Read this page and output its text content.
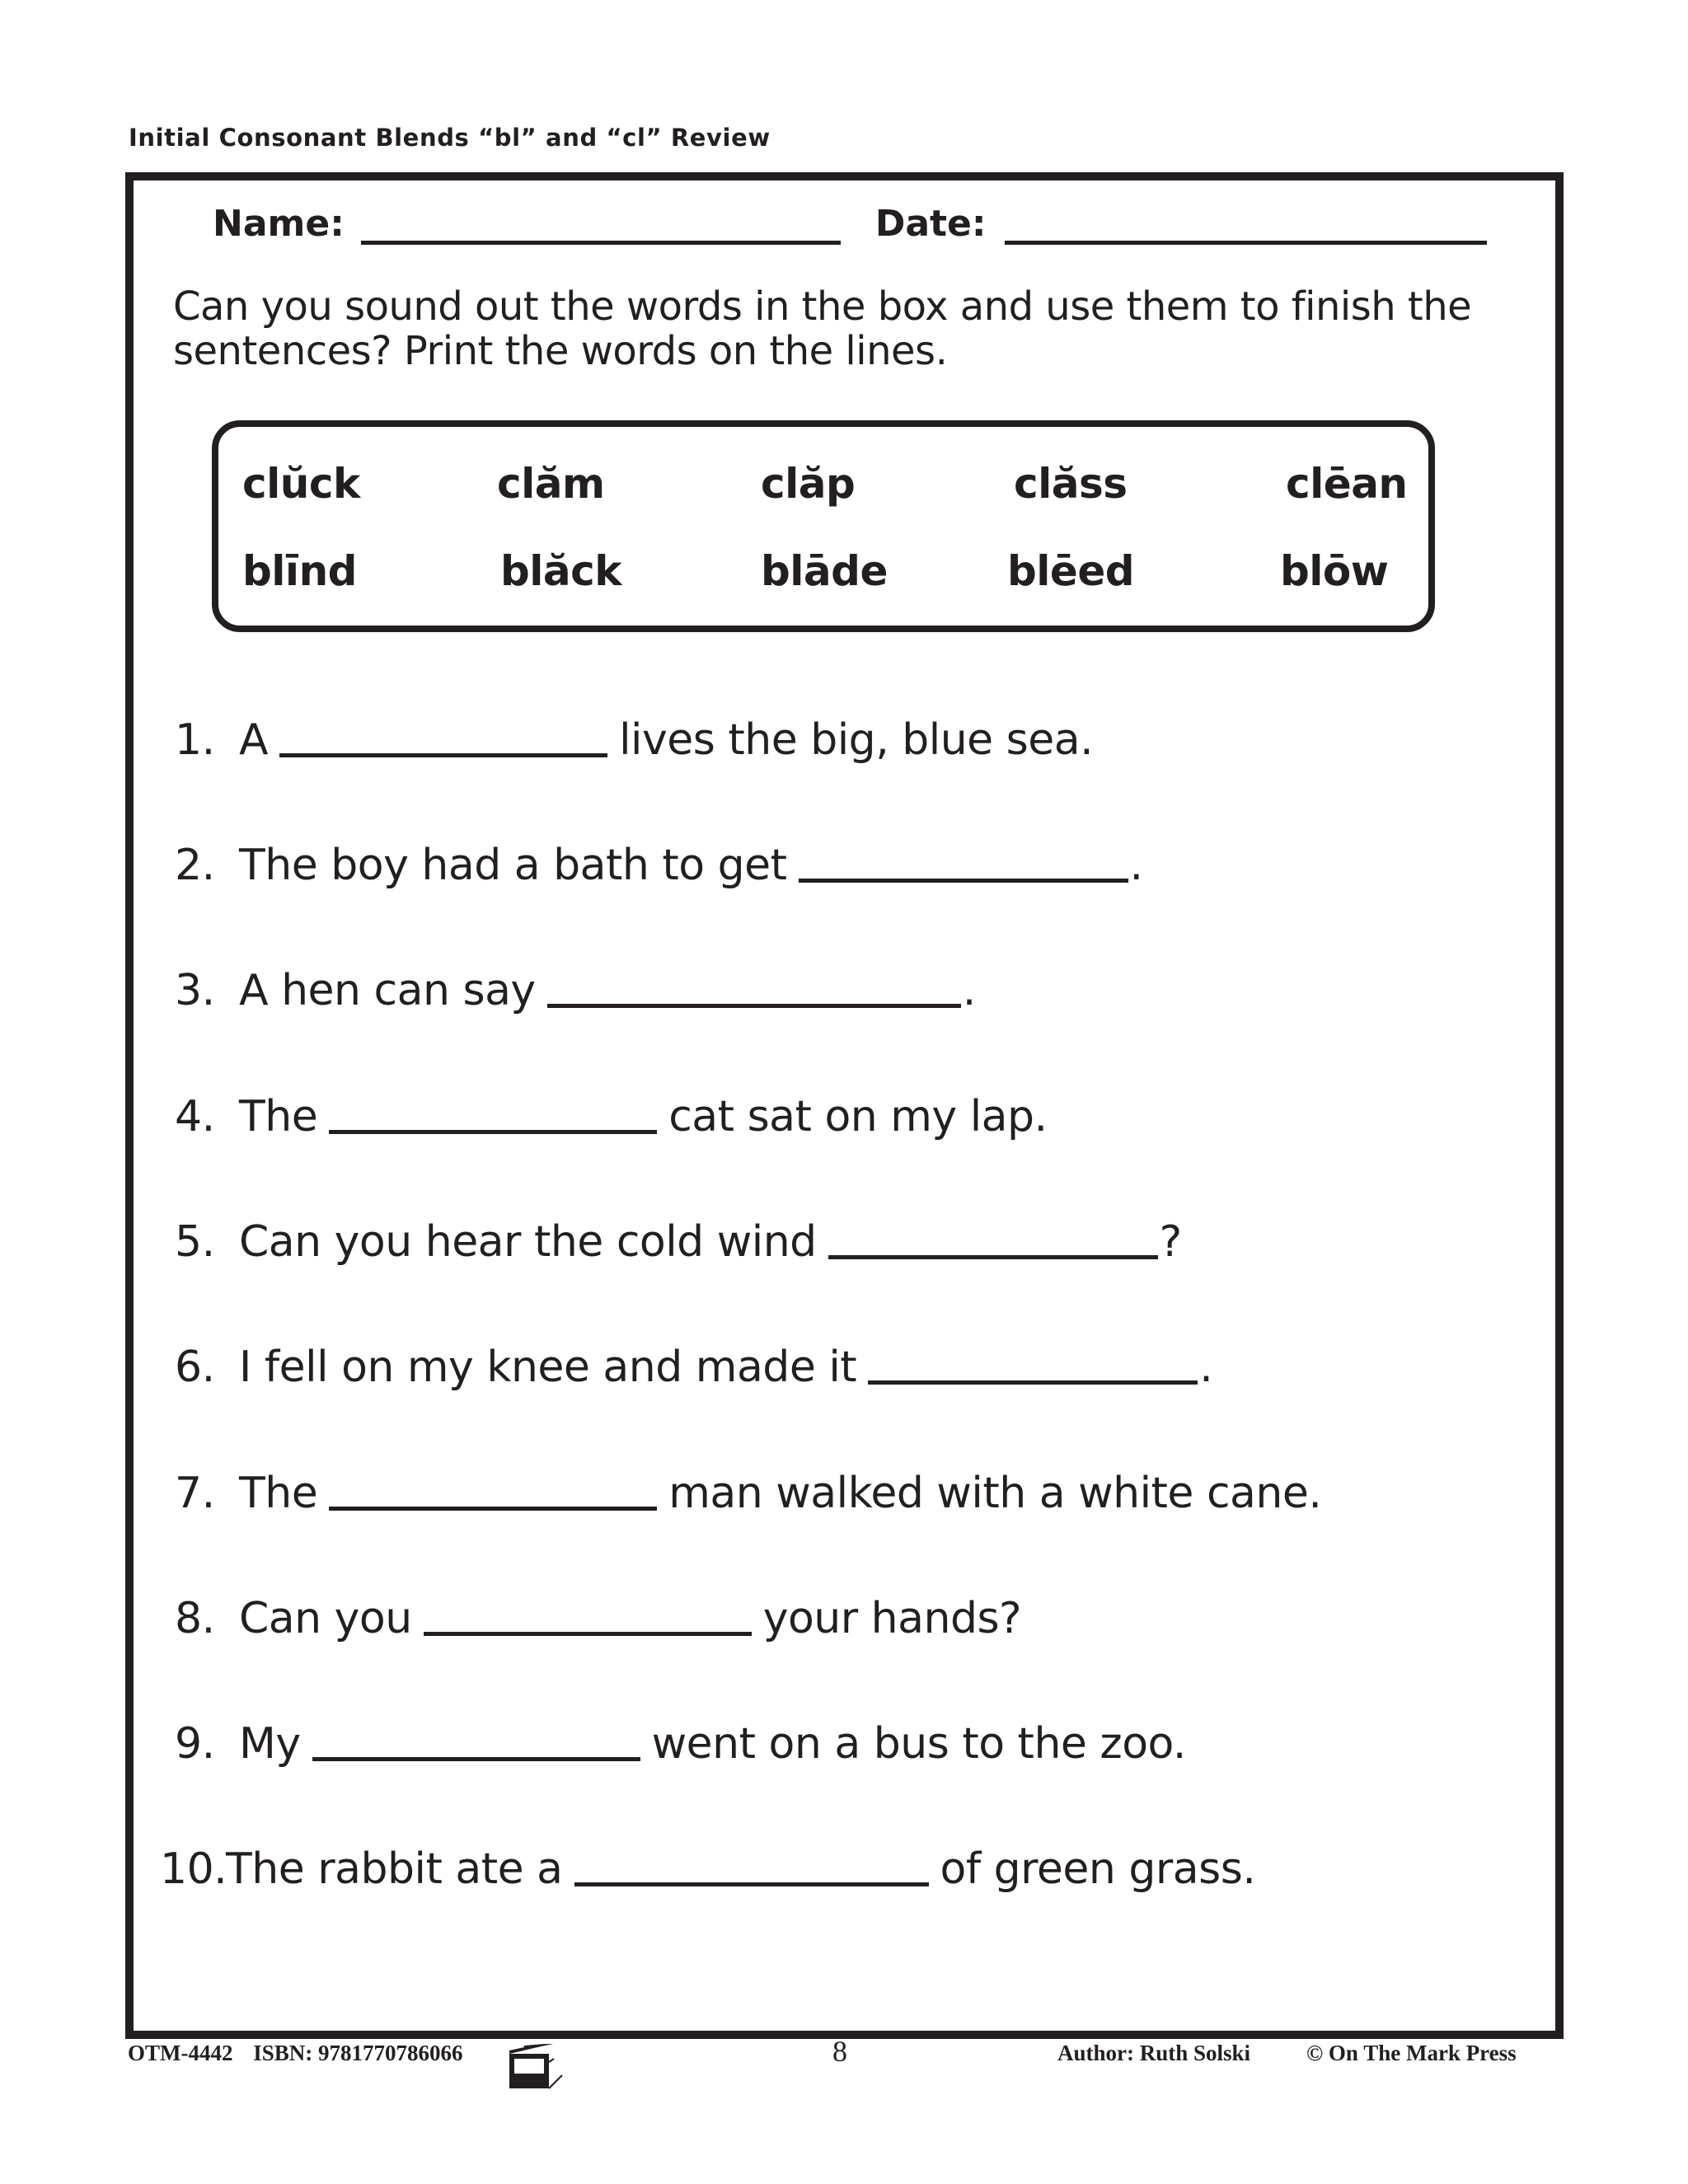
Initial Consonant Blends “bl” and “cl” Review
Name:	Date:
Can you sound out the words in the box and use them to finish the sentences? Print the words on the lines.
clŭck	clăm	clăp	clăss	clēan
blīnd	blăck	blāde	blēed	blōw
1. A	lives the big, blue sea.
2. The boy had a bath to get	.
3. A hen can say	.
4. The	cat sat on my lap.
5. Can you hear the cold wind	?
6. I fell on my knee and made it	.
7. The	man walked with a white cane.
8. Can you	your hands?
9. My	went on a bus to the zoo.
10.
The rabbit ate a	of green grass.
OTM-4442 ISBN: 9781770786066	8	Author: Ruth Solski	© On The Mark Press
